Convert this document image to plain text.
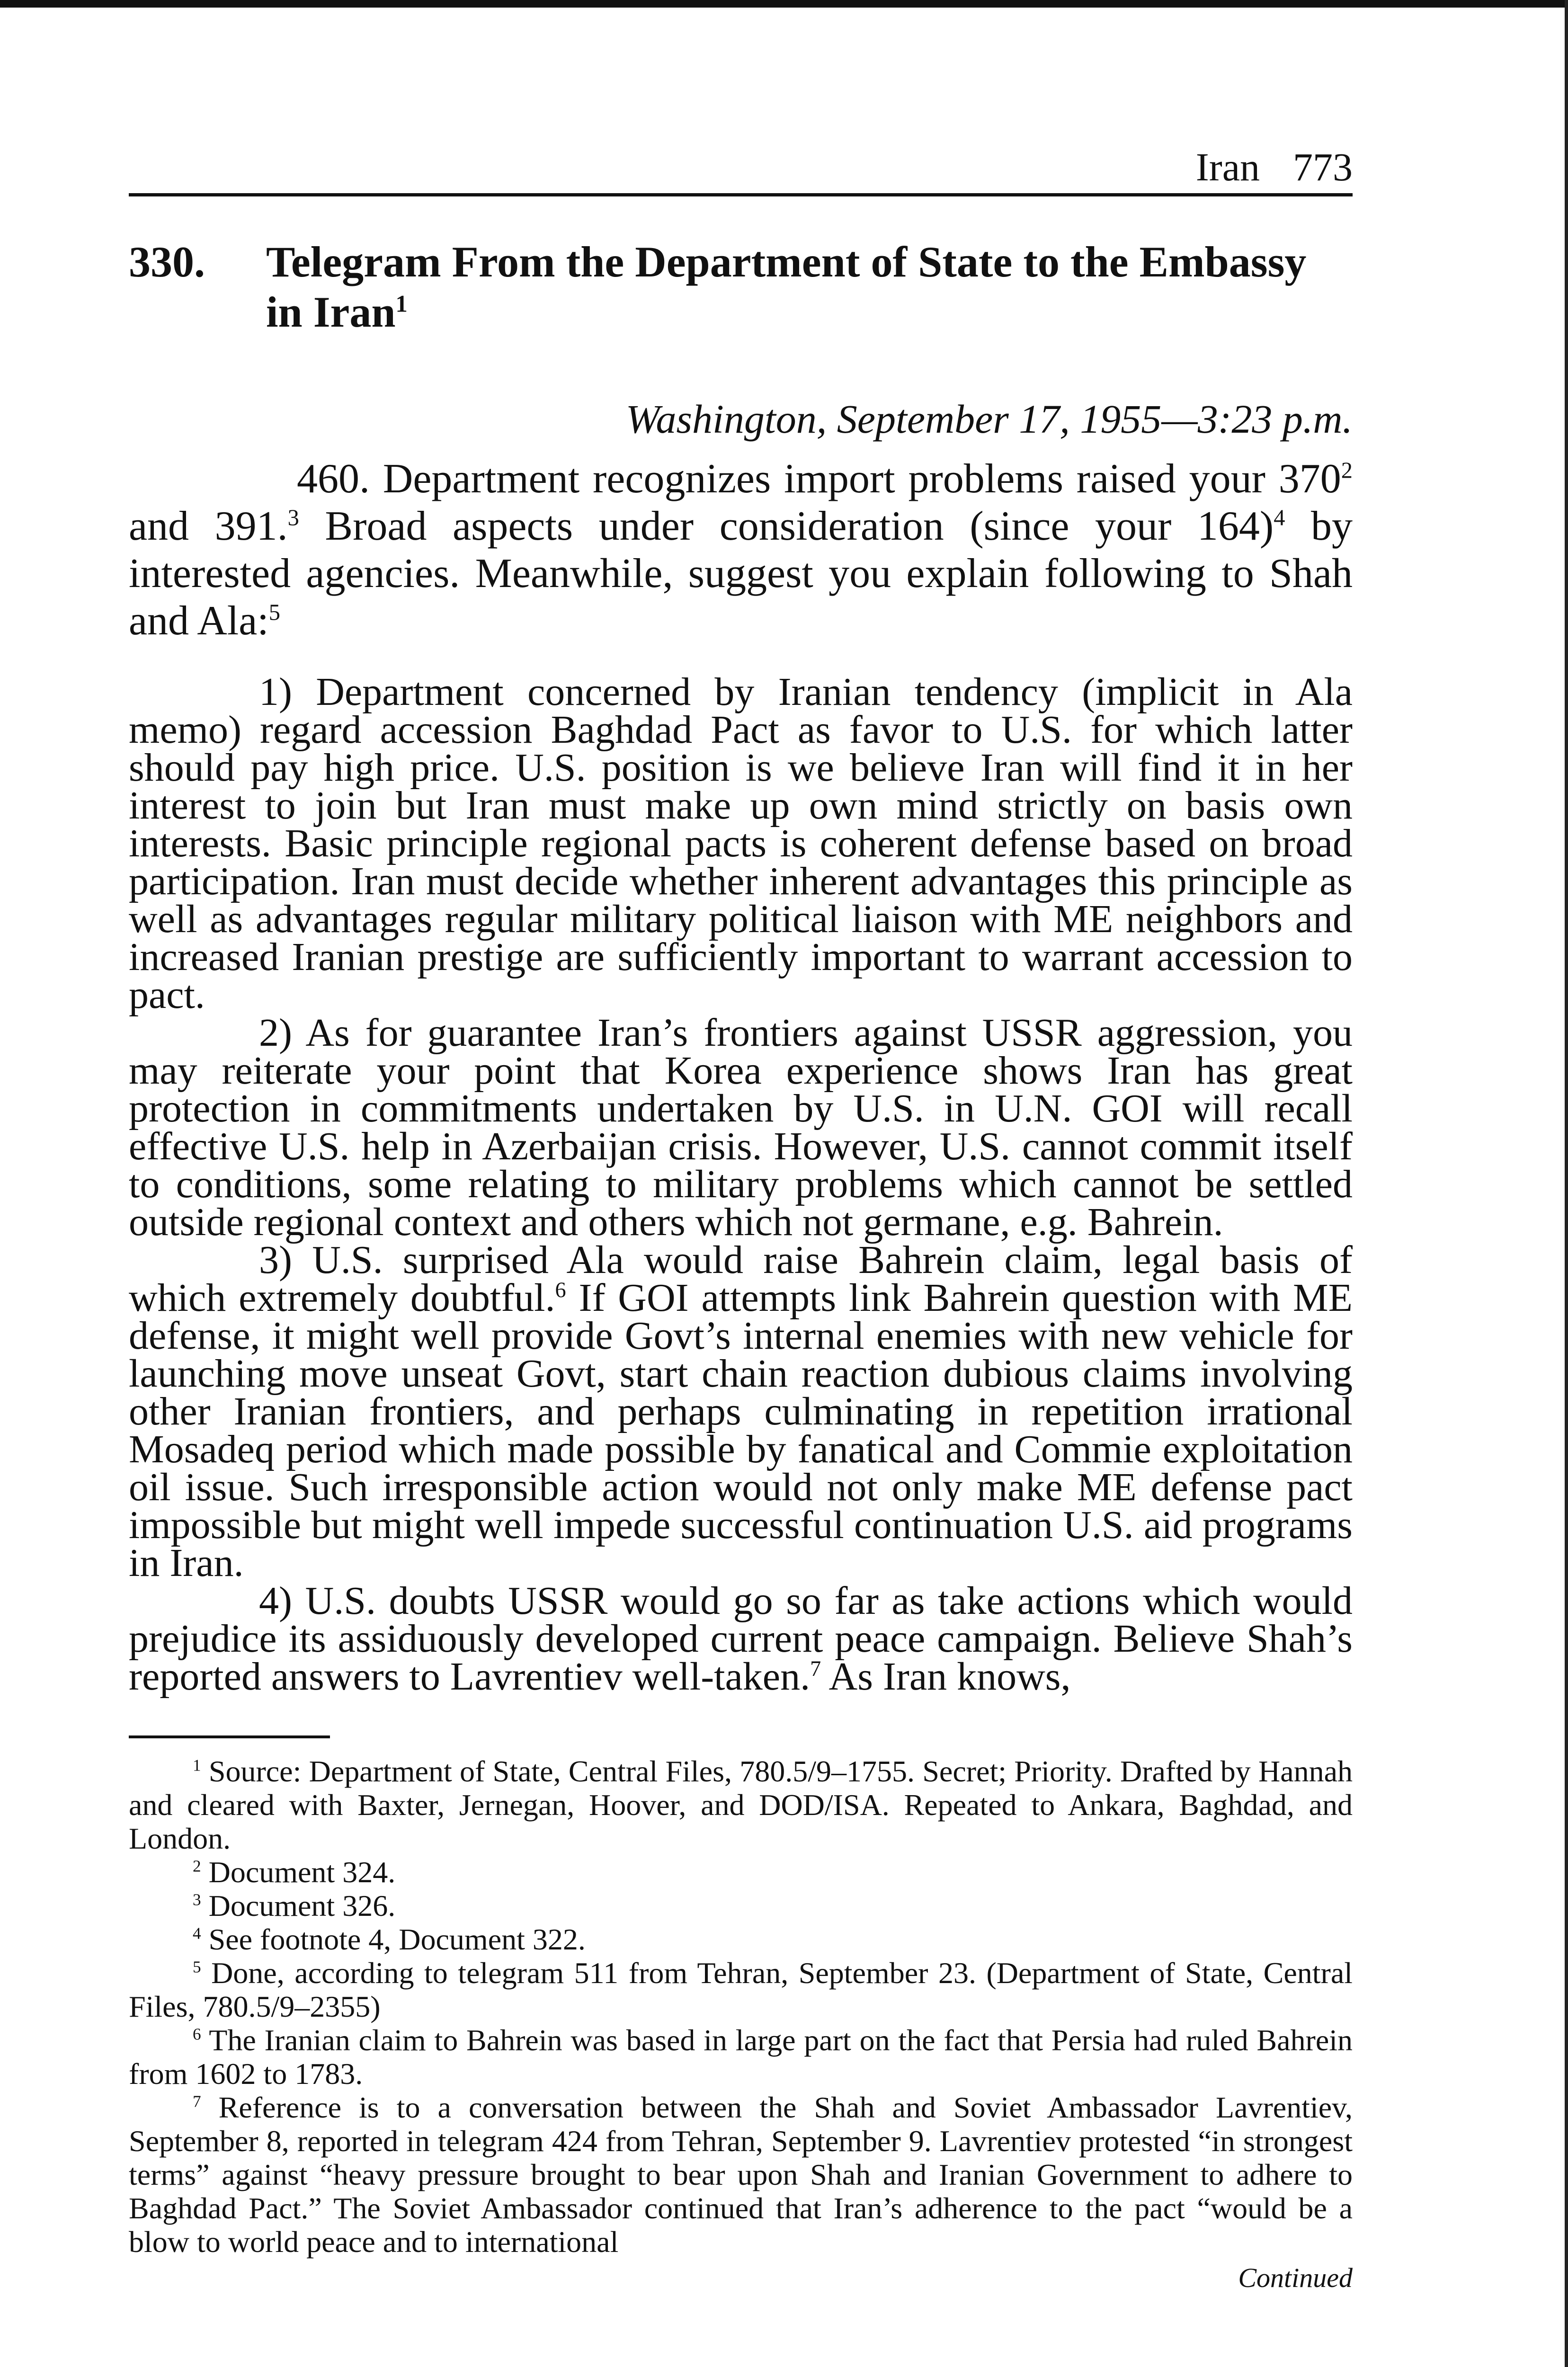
Iran 773
330. Telegram From the Department of State to the Embassy in Iran$^1$
Washington, September 17, 1955—3:23 p.m.

460. Department recognizes import problems raised your $370^2$ and 391.$^3$ Broad aspects under consideration (since your 164)$^4$ by interested agencies. Meanwhile, suggest you explain following to Shah and Ala:$^5$

1) Department concerned by Iranian tendency (implicit in Ala memo) regard accession Baghdad Pact as favor to U.S. for which latter should pay high price. U.S. position is we believe Iran will find it in her interest to join but Iran must make up own mind strictly on basis own interests. Basic principle regional pacts is coherent defense based on broad participation. Iran must decide whether inherent advantages this principle as well as advantages regular military political liaison with ME neighbors and increased Iranian prestige are sufficiently important to warrant accession to pact.

2) As for guarantee Iran’s frontiers against USSR aggression, you may reiterate your point that Korea experience shows Iran has great protection in commitments undertaken by U.S. in U.N. GOI will recall effective U.S. help in Azerbaijan crisis. However, U.S. cannot commit itself to conditions, some relating to military problems which cannot be settled outside regional context and others which not germane, e.g. Bahrein.

3) U.S. surprised Ala would raise Bahrein claim, legal basis of which extremely doubtful.$^6$ If GOI attempts link Bahrein question with ME defense, it might well provide Govt’s internal enemies with new vehicle for launching move unseat Govt, start chain reaction dubious claims involving other Iranian frontiers, and perhaps culminating in repetition irrational Mosadeq period which made possible by fanatical and Commie exploitation oil issue. Such irresponsible action would not only make ME defense pact impossible but might well impede successful continuation U.S. aid programs in Iran.

4) U.S. doubts USSR would go so far as take actions which would prejudice its assiduously developed current peace campaign. Believe Shah’s reported answers to Lavrentiev well-taken.$^7$ As Iran knows,

$^1$ Source: Department of State, Central Files, 780.5/9–1755. Secret; Priority. Drafted by Hannah and cleared with Baxter, Jernegan, Hoover, and DOD/ISA. Repeated to Ankara, Baghdad, and London.

$^2$ Document 324.

$^3$ Document 326.

$^4$ See footnote 4, Document 322.

$^5$ Done, according to telegram 511 from Tehran, September 23. (Department of State, Central Files, 780.5/9–2355)

$^6$ The Iranian claim to Bahrein was based in large part on the fact that Persia had ruled Bahrein from 1602 to 1783.

$^7$ Reference is to a conversation between the Shah and Soviet Ambassador Lavrentiev, September 8, reported in telegram 424 from Tehran, September 9. Lavrentiev protested “in strongest terms” against “heavy pressure brought to bear upon Shah and Iranian Government to adhere to Baghdad Pact.” The Soviet Ambassador continued that Iran’s adherence to the pact “would be a blow to world peace and to international

Continued
